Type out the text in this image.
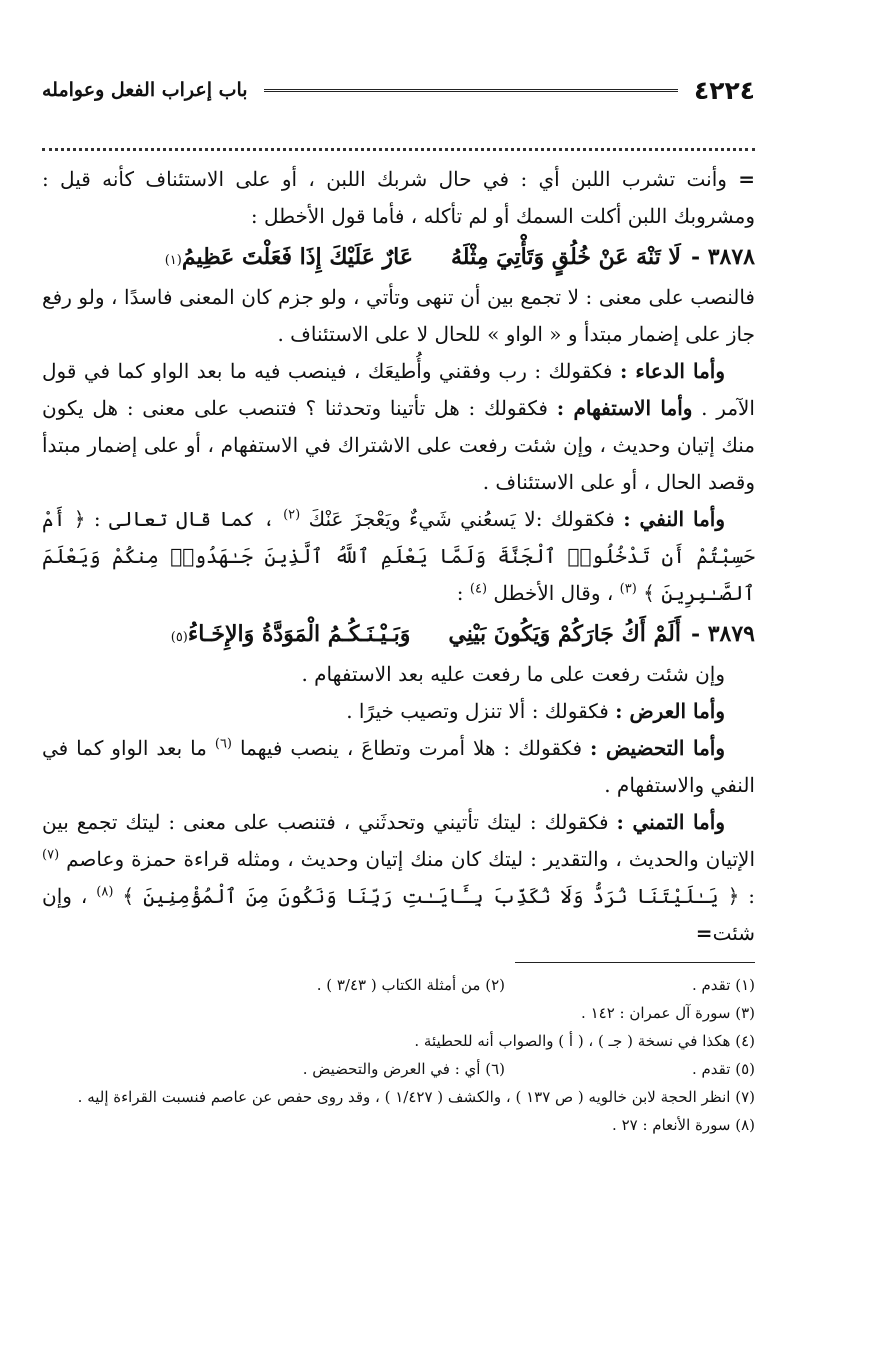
٤٢٢٤
باب إعراب الفعل وعوامله

= وأنت تشرب اللبن أي : في حال شربك اللبن ، أو على الاستئناف كأنه قيل : ومشروبك اللبن أكلت السمك أو لم تأكله ، فأما قول الأخطل :

٣٨٧٨ -
لَا تَنْهَ عَنْ خُلُقٍ وَتَأْتِيَ مِثْلَهُ
عَارٌ عَلَيْكَ إِذَا فَعَلْتَ عَظِيمُ
(١)

فالنصب على معنى : لا تجمع بين أن تنهى وتأتي ، ولو جزم كان المعنى فاسدًا ، ولو رفع جاز على إضمار مبتدأ و « الواو » للحال لا على الاستئناف .

وأما الدعاء : فكقولك : رب وفقني وأُطيعَك ، فينصب فيه ما بعد الواو كما في قول الآمر . وأما الاستفهام : فكقولك : هل تأتينا وتحدثنا ؟ فتنصب على معنى : هل يكون منك إتيان وحديث ، وإن شئت رفعت على الاشتراك في الاستفهام ، أو على إضمار مبتدأ وقصد الحال ، أو على الاستئناف .

وأما النفي : فكقولك :لا يَسعُني شَيءٌ ويَعْجزَ عَنْكَ $^{(٢)}$ ، كما قال تعالى : ﴿ أَمْ حَسِبْتُمْ أَن تَدْخُلُوا۟ ٱلْجَنَّةَ وَلَمَّا يَعْلَمِ ٱللَّهُ ٱلَّذِينَ جَـٰهَدُوا۟ مِنكُمْ وَيَعْلَمَ ٱلصَّـٰبِرِينَ ﴾ $^{(٣)}$ ، وقال الأخطل $^{(٤)}$ :

٣٨٧٩ -
أَلَمْ أَكُ جَارَكُمْ وَيَكُونَ بَيْنِي
وَبَـيْـنَـكُـمُ الْمَوَدَّةُ وَالإِخَـاءُ
(٥)

وإن شئت رفعت على ما رفعت عليه بعد الاستفهام .

وأما العرض : فكقولك : ألا تنزل وتصيب خيرًا .

وأما التحضيض : فكقولك : هلا أمرت وتطاعَ ، ينصب فيهما $^{(٦)}$ ما بعد الواو كما في النفي والاستفهام .

وأما التمني : فكقولك : ليتك تأتيني وتحدثَني ، فتنصب على معنى : ليتك تجمع بين الإتيان والحديث ، والتقدير : ليتك كان منك إتيان وحديث ، ومثله قراءة حمزة وعاصم $^{(٧)}$ : ﴿ يَـٰلَيْتَنَا نُرَدُّ وَلَا نُكَذِّبَ بِـَٔايَـٰتِ رَبِّنَا وَنَكُونَ مِنَ ٱلْمُؤْمِنِينَ ﴾ $^{(٨)}$ ، وإن شئت=

(١) تقدم .
(٢) من أمثلة الكتاب ( ٣/٤٣ ) .
(٣) سورة آل عمران : ١٤٢ .
(٤) هكذا في نسخة ( جـ ) ، ( أ ) والصواب أنه للحطيئة .
(٥) تقدم .
(٦) أي : في العرض والتحضيض .
(٧) انظر الحجة لابن خالويه ( ص ١٣٧ ) ، والكشف ( ١/٤٢٧ ) ، وقد روى حفص عن عاصم فنسبت القراءة إليه .
(٨) سورة الأنعام : ٢٧ .
